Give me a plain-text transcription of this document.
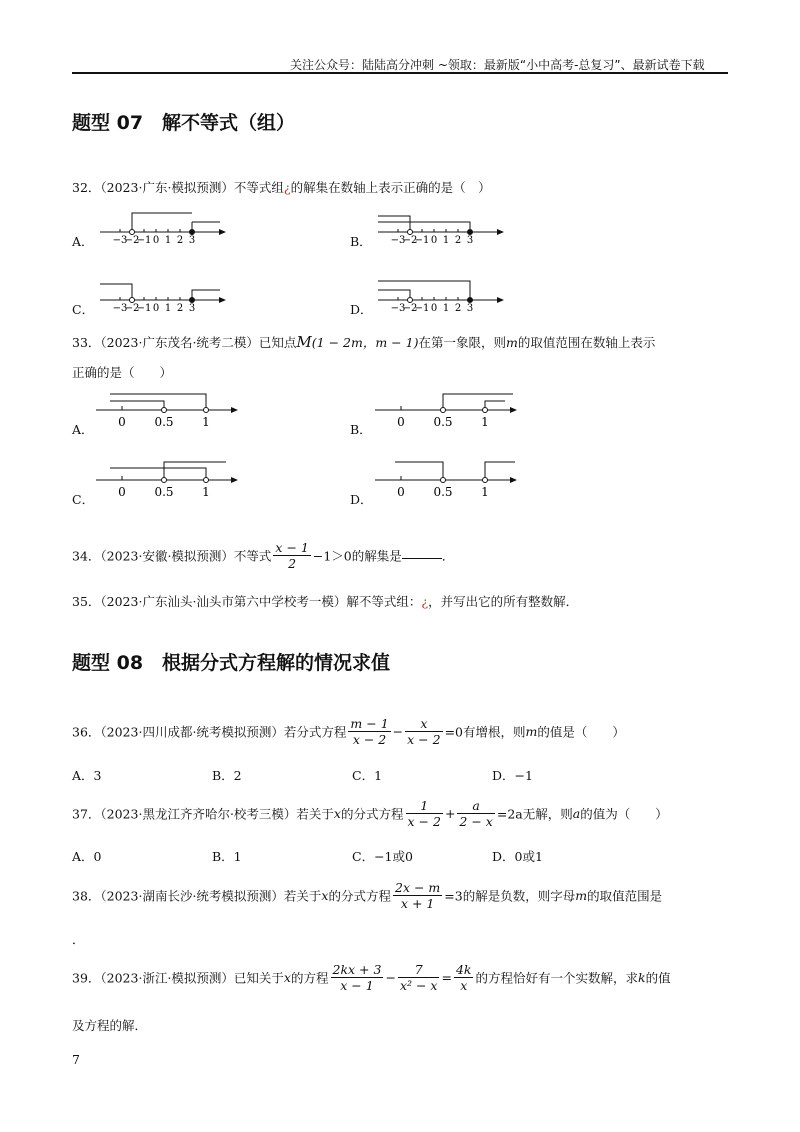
关注公众号：陆陆高分冲刺 ~领取：最新版“小中高考-总复习”、最新试卷下载
题型 07　解不等式（组）
32．（2023·广东·模拟预测）不等式组¿的解集在数轴上表示正确的是（　）
A． −3
−2
−1 0 1 2 3	B． −3
−2
−1 0 1 2 3
C． −3
−2
−1 0 1 2 3	D． −3
−2
−1 0 1 2 3
33．（2023·广东茂名·统考二模）已知点M(1 − 2m，m − 1)在第一象限，则m的取值范围在数轴上表示
正确的是（　　）
A． 0 0.5 1	B． 0 0.5 1
C． 0 0.5 1	D． 0 0.5 1
34．（2023·安徽·模拟预测）不等式 $\frac{x - 1}{2} -1>0$的解集是	．
35．（2023·广东汕头·汕头市第六中学校考一模）解不等式组：¿，并写出它的所有整数解．
题型 08　根据分式方程解的情况求值
36．（2023·四川成都·统考模拟预测）若分式方程 $\frac{m - 1}{x - 2} - \frac{x}{x - 2} =0$有增根，则m的值是（　　）
A．3	B．2	C．1	D．−1
37．（2023·黑龙江齐齐哈尔·校考三模）若关于x的分式方程 $\frac{1}{x - 2} + \frac{a}{2 - x} =2a$无解，则a的值为（　　）
A．0	B．1	C．−1或0	D．0或1
38．（2023·湖南长沙·统考模拟预测）若关于x的分式方程 $\frac{2x - m}{x + 1} =3$的解是负数，则字母m的取值范围是
．
39．（2023·浙江·模拟预测）已知关于x的方程 $\frac{2kx + 3}{x - 1} - \frac{7}{\text{x² − x}} = \frac{4k}{x}$ 的方程恰好有一个实数解，求k的值
及方程的解．
7
